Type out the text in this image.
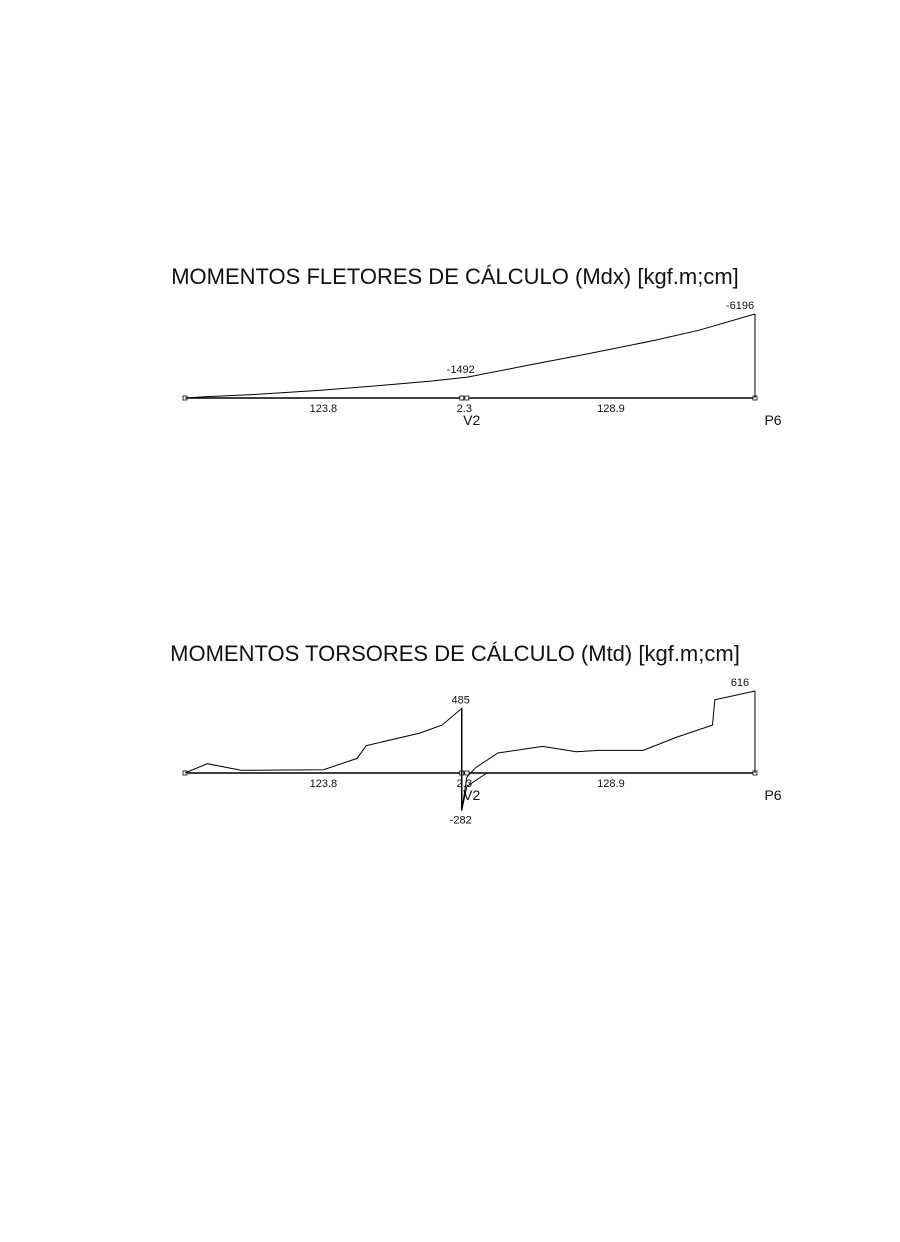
MOMENTOS FLETORES DE CÁLCULO (Mdx) [kgf.m;cm]
MOMENTOS TORSORES DE CÁLCULO (Mtd) [kgf.m;cm]
123.8	2.3	128.9
V2	P6
-1492
-6196
123.8	2.3	128.9
V2	P6
485
616
-282
